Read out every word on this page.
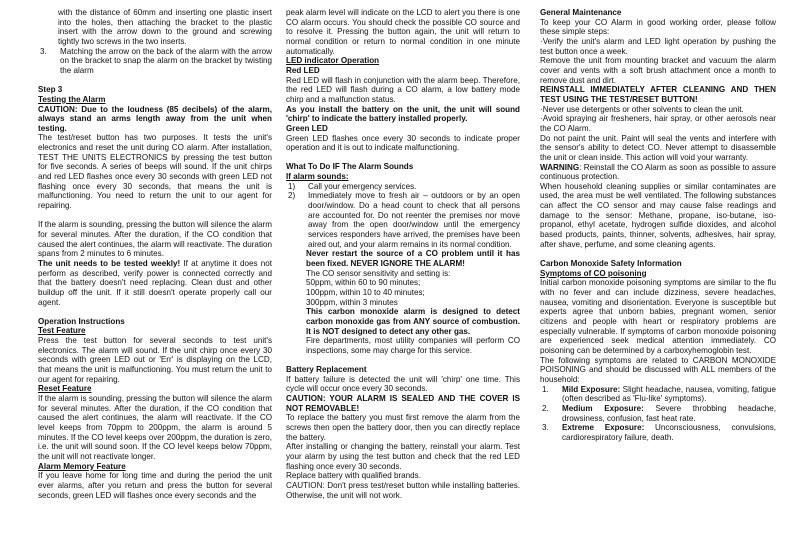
with the distance of 60mm and inserting one plastic insert into the holes, then attaching the bracket to the plastic insert with the arrow down to the ground and screwing tightly two screws in the two inserts.

3. Matching the arrow on the back of the alarm with the arrow on the bracket to snap the alarm on the bracket by twisting the alarm

Step 3

Testing the Alarm

CAUTION: Due to the loudness (85 decibels) of the alarm, always stand an arms length away from the unit when testing.

The test/reset button has two purposes. It tests the unit's electronics and reset the unit during CO alarm. After installation, TEST THE UNITS ELECTRONICS by pressing the test button for five seconds. A series of beeps will sound. If the unit chirps and red LED flashes once every 30 seconds with green LED not flashing once every 30 seconds, that means the unit is malfunctioning. You need to return the unit to our agent for repairing.

If the alarm is sounding, pressing the button will silence the alarm for several minutes. After the duration, if the CO condition that caused the alert continues, the alarm will reactivate. The duration spans from 2 minutes to 6 minutes.

The unit needs to be tested weekly! If at anytime it does not perform as described, verify power is connected correctly and that the battery doesn't need replacing. Clean dust and other buildup off the unit. If it still doesn't operate properly call our agent.

Operation Instructions

Test Feature

Press the test button for several seconds to test unit's electronics. The alarm will sound. If the unit chirp once every 30 seconds with green LED out or 'Err' is displaying on the LCD, that means the unit is malfunctioning. You must return the unit to our agent for repairing.

Reset Feature

If the alarm is sounding, pressing the button will silence the alarm for several minutes. After the duration, if the CO condition that caused the alert continues, the alarm will reactivate. If the CO level keeps from 70ppm to 200ppm, the alarm is around 5 minutes. If the CO level keeps over 200ppm, the duration is zero, i.e. the unit will sound soon. If the CO level keeps below 70ppm, the unit will not reactivate longer.

Alarm Memory Feature

If you leave home for long time and during the period the unit ever alarms, after you return and press the button for several seconds, green LED will flashes once every seconds and the

peak alarm level will indicate on the LCD to alert you there is one CO alarm occurs. You should check the possible CO source and to resolve it. Pressing the button again, the unit will return to normal condition or return to normal condition in one minute automatically.

LED indicator Operation

Red LED

Red LED will flash in conjunction with the alarm beep. Therefore, the red LED will flash during a CO alarm, a low battery mode chirp and a malfunction status.

As you install the battery on the unit, the unit will sound 'chirp' to indicate the battery installed properly.

Green LED

Green LED flashes once every 30 seconds to indicate proper operation and it is out to indicate malfunctioning.

What To Do IF The Alarm Sounds

If alarm sounds:

1) Call your emergency services.
2) Immediately move to fresh air – outdoors or by an open door/window. Do a head count to check that all persons are accounted for. Do not reenter the premises nor move away from the open door/window until the emergency services responders have arrived, the premises have been aired out, and your alarm remains in its normal condition.

Never restart the source of a CO problem until it has been fixed. NEVER IGNORE THE ALARM!

The CO sensor sensitivity and setting is:

50ppm, within 60 to 90 minutes;

100ppm, within 10 to 40 minutes;

300ppm, within 3 minutes

This carbon monoxide alarm is designed to detect carbon monoxide gas from ANY source of combustion. It is NOT designed to detect any other gas.

Fire departments, most utility companies will perform CO inspections, some may charge for this service.

Battery Replacement

If battery failure is detected the unit will 'chirp' one time. This cycle will occur once every 30 seconds.

CAUTION: YOUR ALARM IS SEALED AND THE COVER IS NOT REMOVABLE!

To replace the battery you must first remove the alarm from the screws then open the battery door, then you can directly replace the battery.

After installing or changing the battery, reinstall your alarm. Test your alarm by using the test button and check that the red LED flashing once every 30 seconds.

Replace battery with qualified brands.

CAUTION: Don't press test/reset button while installing batteries. Otherwise, the unit will not work.

General Maintenance

To keep your CO Alarm in good working order, please follow these simple steps:

·Verify the unit's alarm and LED light operation by pushing the test button once a week.

Remove the unit from mounting bracket and vacuum the alarm cover and vents with a soft brush attachment once a month to remove dust and dirt.

REINSTALL IMMEDIATELY AFTER CLEANING AND THEN TEST USING THE TEST/RESET BUTTON!

·Never use detergents or other solvents to clean the unit.

·Avoid spraying air fresheners, hair spray, or other aerosols near the CO Alarm.

Do not paint the unit. Paint will seal the vents and interfere with the sensor's ability to detect CO. Never attempt to disassemble the unit or clean inside. This action will void your warranty.

WARNING: Reinstall the CO Alarm as soon as possible to assure continuous protection.

When household cleaning supplies or similar contaminates are used, the area must be well ventilated. The following substances can affect the CO sensor and may cause false readings and damage to the sensor: Methane, propane, iso-butane, iso-propanol, ethyl acetate, hydrogen sulfide dioxides, and alcohol based products, paints, thinner, solvents, adhesives, hair spray, after shave, perfume, and some cleaning agents.

Carbon Monoxide Safety Information

Symptoms of CO poisoning

Initial carbon monoxide poisoning symptoms are similar to the flu with no fever and can include dizziness, severe headaches, nausea, vomiting and disorientation. Everyone is susceptible but experts agree that unborn babies, pregnant women, senior citizens and people with heart or respiratory problems are especially vulnerable. If symptoms of carbon monoxide poisoning are experienced seek medical attention immediately. CO poisoning can be determined by a carboxyhemoglobin test.

The following symptoms are related to CARBON MONOXIDE POISONING and should be discussed with ALL members of the household:

1. Mild Exposure: Slight headache, nausea, vomiting, fatigue (often described as 'Flu-like' symptoms).
2. Medium Exposure: Severe throbbing headache, drowsiness, confusion, fast heat rate.
3. Extreme Exposure: Unconsciousness, convulsions, cardiorespiratory failure, death.
